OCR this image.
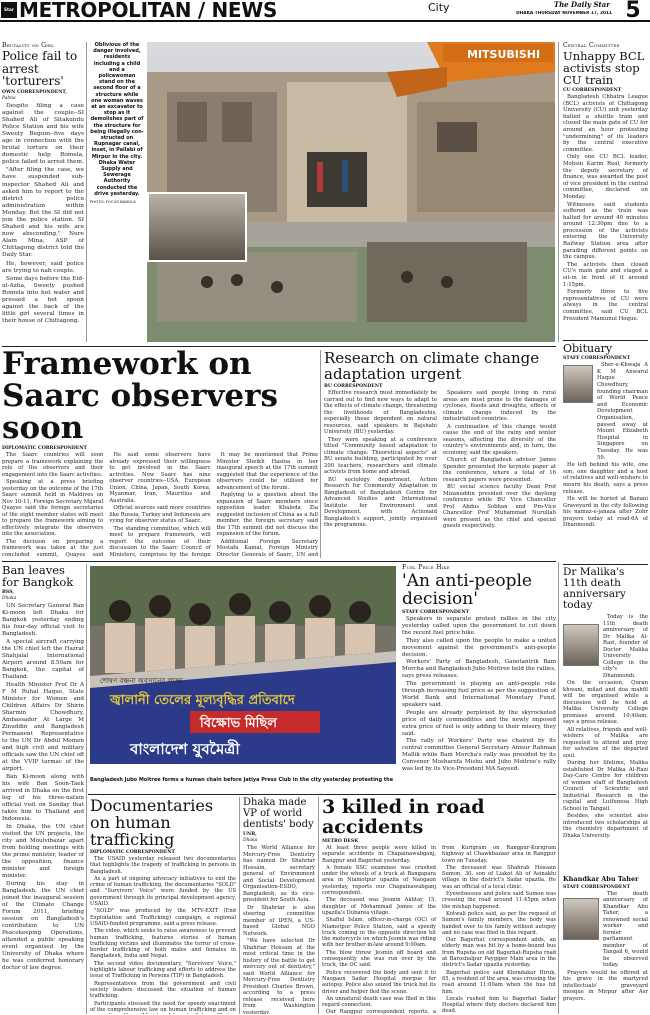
Star METROPOLITAN / NEWS	City	The Daily Star
DHAKA THURSDAY NOVEMBER 17, 2011 5
Brutality on Girl
Police fail to arrest 'torturers'
OWN CORRESPONDENT,
Pabna

Despite filing a case against the couple--SI Shahed Ali of Sitakundu Police Station and his wife Sweety Begum--five days ago in connection with the brutal torture on their domestic help Romela, police failed to arrest them.

"After filing the case, we have suspended sub-inspector Shahed Ali and asked him to report to the district police administration within Monday. But the SI did not join the police station. SI Shahed and his wife are now absconding," Nure Alam Mina, ASP of Chittagong district told the Daily Star.

He, however, said police are trying to nab couple.

Some days before the Eid-ul-Azha, Sweety pushed Romela into hot water and pressed a hot spoon against the back of the little girl several times in their house of Chittagong.

Oblivious of the danger involved, residents including a child and a policewoman stand on the second floor of a structure while one woman waves at an excavator to stop as it demolishes part of the structure for being illegally con-structed on Rupnagar canal, inset, in Pallabi of Mirpur in the city. Dhaka Water Supply and Sewerage Authority conducted the drive yesterday.
PHOTO: FOCUS BANGLA
MITSUBISHI
Central Committee
Unhappy BCL activists stop CU train
CU CORRESPONDENT

Bangladesh Chhatra League (BCL) activists of Chittagong University (CU) unit yesterday halted a shuttle train and closed the main gate of CU for around an hour protesting "undermining" of its leaders by the central executive committee.

Only one CU BCL leader, Mohsin Karim Real, formerly the deputy secretary of finance, was awarded the post of vice president in the central committee, declared on Monday.

Witnesses said students suffered as the train was halted for around 40 minutes around 12:30pm due to a procession of the activists entering the University Railway Station area after parading different points on the campus.

The activists then closed CU's main gate and staged a sit-in in front of it around 1:15pm.

Formerly three to five representatives of CU were always in the central committee, said CU BCL President Mamunul Hoque.

Obituary
STAFF CORRESPONDENT

Sher-e-Khwaja A K M Anwarul Haque Chowdhury, founding chairman of World Peace and Economic Development Organisation, passed away at Mount Elizabeth Hospital in Singapore on Tuesday. He was 59.

He left behind his wife, one son, one daughter and a host of relatives and well-wishers to mourn his death, says a press release.

He will be buried at Banani Graveyard in the city following his namaz-e-janaza after Zohr prayers today at road-6A of Dhanmondi.

Framework on Saarc observers soon
DIPLOMATIC CORRESPONDENT

The Saarc countries will soon prepare a framework explaining the role of the observers and their engagement into the Saarc activities.

Speaking at a press briefing yesterday on the outcome of the 17th Saarc summit held in Maldives on Nov 10-11, Foreign Secretary Mijarul Quayes said the foreign secretaries of the eight member states will meet to prepare the framework aiming to effectively integrate the observers into the association.

The decision on preparing a framework was taken at the just concluded summit, Quayes said

He said some observers have already expressed their willingness to get involved in the Saarc activities. Now Saarc has nine observer countries--USA, European Union, China, Japan, South Korea, Myanmar, Iran, Mauritius and Australia.

Official sources said more countries like Russia, Turkey and Indonesia are vying for observer status of Saarc.

The standing committee, which will meet to prepare framework, will report the outcome of their discussion to the Saarc Council of Ministers, comprises by the foreign

It may be mentioned that Prime Minister Sheikh Hasina in her inaugural speech at the 17th summit suggested that the experience of the observers could be utilised for advancement of the forum.

Replying to a question about the expansion of Saarc members since opposition leader Khaleda Zia suggested inclusion of China as a full member, the foreign secretary said the 17th summit did not discuss the expansion of the forum.

Additional Foreign Secretary Mostafa Kamal, Foreign Ministry Director Generals of Saarc, UN and

Research on climate change adaptation urgent
BU CORRESPONDENT

Effective research must immediately be carried out to find new ways to adapt to the effects of climate change, threatening the livelihoods of Bangladeshis, especially those dependent on natural resources, said speakers in Bajshahi University (BU) yesterday.

They were speaking at a conference titled "Community based adaptation to climate change: Theoretical aspects" at BU senate building, participated by over 200 teachers, researchers and climate activists from home and abroad.

BU sociology department, Action Research for Community Adaptation in Bangladesh of Bangladesh Centre for Advanced Studies and International Institute for Environment and Development, with Actionaid Bangladesh's support, jointly organised the programme.

Speakers said people living in rural areas are most prone to the damages of cyclones, floods and droughts, effects of climate change induced by the industrialised countries.

A continuation of this change would cause the end of the rainy and winter seasons, affecting the diversity of the country's environments and, in turn, the economy, said the speakers.

Church of Bangladesh advisor James Spender presented the keynote paper at the conference, where a total of 16 research papers were presented.

BU social science faculty Dean Prof Mizanuddin presided over the daylong conference while BU Vice Chancellor Prof Abdus Sobhan and Pro-Vice Chancellor Prof Muhammad Nurullah were present as the chief and special guests respectively.

Ban leaves for Bangkok
BSS,
Dhaka

UN Secretary General Ban Ki-moon left Dhaka for Bangkok yesterday ending his four-day official visit to Bangladesh.

A special aircraft carrying the UN chief left the Hazrat Shahjalal International Airport around 8.50am for Bangkok, the capital of Thailand.

Health Minister Prof Dr A F M Ruhal Haque, State Minister for Women and Children Affairs Dr Shirin Sharmin Chowdhury, Ambassador At Large M Zinuddin and Bangladesh Permanent Representative to the UN Dr Abdul Momen and high civil and military officials saw the UN chief off at the VVIP tarmac of the airport.

Ban Ki-moon along with his wife Ban Soon-Taek arrived in Dhaka on the first leg of his three-nation official visit on Sunday that takes him to Thailand and Indonesia.

In Dhaka, the UN chief visited the UN projects, the city and Moulvibazar apart from holding meetings with the prime minister, leader of the opposition, finance minister and foreign minister.

During his stay in Bangladesh, the UN chief joined the inaugural session of the Climate Change Forum 2011, briefing session on Bangladesh's contribution to UN Peacekeeping Operations, attended a public speaking event organised by the University of Dhaka where he was conferred honorary doctor of law degree.

শোষণ বঞ্চনা অবসানের লক্ষ্যে
জ্বালানী তেলের মূল্যবৃদ্ধির প্রতিবাদে
বিক্ষোভ মিছিল
বাংলাদেশ যুবমৈত্রী
Bangladesh Jubo Moitree forms a human chain before Jatiya Press Club in the city yesterday protesting the
Fuel Price Hike
'An anti-people decision'
STAFF CORRESPONDENT

Speakers in separate protest rallies in the city yesterday called upon the government to cut down the recent fuel price hike.

They also called upon the people to make a united movement against the government's anti-people decision.

Workers' Party of Bangladesh, Ganotantrik Bam Morcha and Bangladesh Jubo Moitree held the rallies, says press releases.

The government is playing an anti-people role through increasing fuel price as per the suggestion of World Bank and International Monetary Fund, speakers said.

People are already perplexed by the skyrocketed price of daily commodities and the newly imposed extra price of fuel is only adding to their misery, they said.

The rally of Workers' Party was chaired by its central committee General Secretary Anisur Rahman Mallik while Bam Morcha's rally was presided by its Convener Mosharefa Mishu and Jubo Moitree's rally was led by its Vice-President MA Sayeed.

Dr Malika's 11th death anniversary today

Today is the 11th death anniversary of Dr Malika Al-Razi, founder of Doctor Malika University College in the city's Dhanmondi.

On the occasion, Quran khwani, milad and doa mahfil will be organised while a discussion will be held at Malika University College premises around 10:40am, says a press release.

All relatives, friends and well-wishers of Malika are requested to attend and pray for salvation of the departed soul.

During her lifetime, Malika established Dr Malika Al-Razi Day-Care Centre for children of women staff of Bangladesh Council of Scientific and Industrial Research in the capital and Lutfunesa High School in Tangail.

Besides, she scientist also introduced two scholarships at the chemistry department of Dhaka University.

Khandkar Abu Taher
STAFF CORRESPONDENT

The death anniversary of Khandkar Abu Taher, a renowned social worker and former parliament member of Tangail 6, would be observed today.

Prayers would be offered at his grave in the martyred intellectuals' graveyard mosque in Mirpur after Asr prayers.

Documentaries on human trafficking
DIPLOMATIC CORRESPONDENT

The USAID yesterday released two documentaries that highlights the tragedy of trafficking in persons in Bangladesh.

As a part of ongoing advocacy initiatives to end the crime of human trafficking, the documentaries "SOLD" and "Survivors' Voice" were funded by the US government through its principal development agency, USAID.

"SOLD" was produced by the MTV-EXIT (End Exploitation and Trafficking) campaign, a regional USAID-funded programme, said a press release.

The video, which seeks to raise awareness to prevent human trafficking, features stories of human trafficking victims and illuminates the terror of cross-border trafficking of both males and females in Bangladesh, India and Nepal.

The second video documentary, "Survivors' Voice," highlights labour trafficking and efforts to address the issue of Trafficking in Persons (TIP) in Bangladesh.

Representatives from the government and civil society leaders discussed the situation of human trafficking.

Participants stressed the need for speedy enactment of the comprehensive law on human trafficking and on

Dhaka made VP of world dentists' body
UNB,
Dhaka

The World Alliance for Mercury-Free Dentistry has named Dr Shahriar Hossain, secretary general of Environment and Social Development Organisation-ESDO, Bangladesh, as its vice-president for South Asia.

Dr Shahriar is also steering committee member of IPEN, a US-based Global NGO Network.

"We have selected Dr Shahriar Hossain at the most critical time in the history of the battle to get mercury out of dentistry," said World Alliance for Mercury-Free Dentistry President Charles Brown, according to a press release received here from Washington yesterday.

3 killed in road accidents
METRO DESK

At least three people were killed in separate accidents in Chapainawabganj, Rangpur and Bagerhat yesterday.

A female SSC examinee was crushed under the wheels of a truck at Bangapara area in Niamotpur upazila of Naogaon yesterday, reports our Chapainawabganj correspondent.

The deceased was Jesmin Akhtar, 15, daughter of Mohammad Jomes of the upazila's Dubarea village.

Shafiul Islam, officer-in-charge (OC) of Niamotpur Police Station, said a speedy truck coming in the opposite direction hit the motorcycle on which Jesmin was riding with her brother-in-law around 9:00am.

The blow threw Jesmin off board and consequently she was run over by the truck, the OC said.

Police recovered the body and sent it to Naogaon Sadar Hospital morgue for autopsy. Police also seized the truck but its driver and helper fled the scene.

An unnatural death case was filed in this regard connection.

Our Rangpur correspondent reports, a from Kurigram on Rangpur-Kurigram highway at Chawkbazaar area in Rangpur town on Tuesday.

The deceased was Shahrab Hossain Sumon, 30, son of Liakot Ali of Asinakhi village in the district's Sadar upazila. He was an official of a local clinic.

Eyewitnesses and police said Sumon was crossing the road around 11:45pm when the mishap happened.

Kotwali police said, as per the request of Sumon's family members, the body was handed over to his family without autopsy and no case was filed in this regard.

Our Bagerhat correspondent adds, an elderly man was hit by a home-bound bus from Rupsha on old Bagerhat-Rupsha road at Baroshalpur Paygiper Main area in the district's Sadar upazila yesterday.

Bagerhat police said Khondakar Hiruk, 65, a resident of the area, was crossing the road around 11:00am when the bus hit him.

Locals rushed him to Bagerhat Sadar Hospital where duty doctors declared him dead.
